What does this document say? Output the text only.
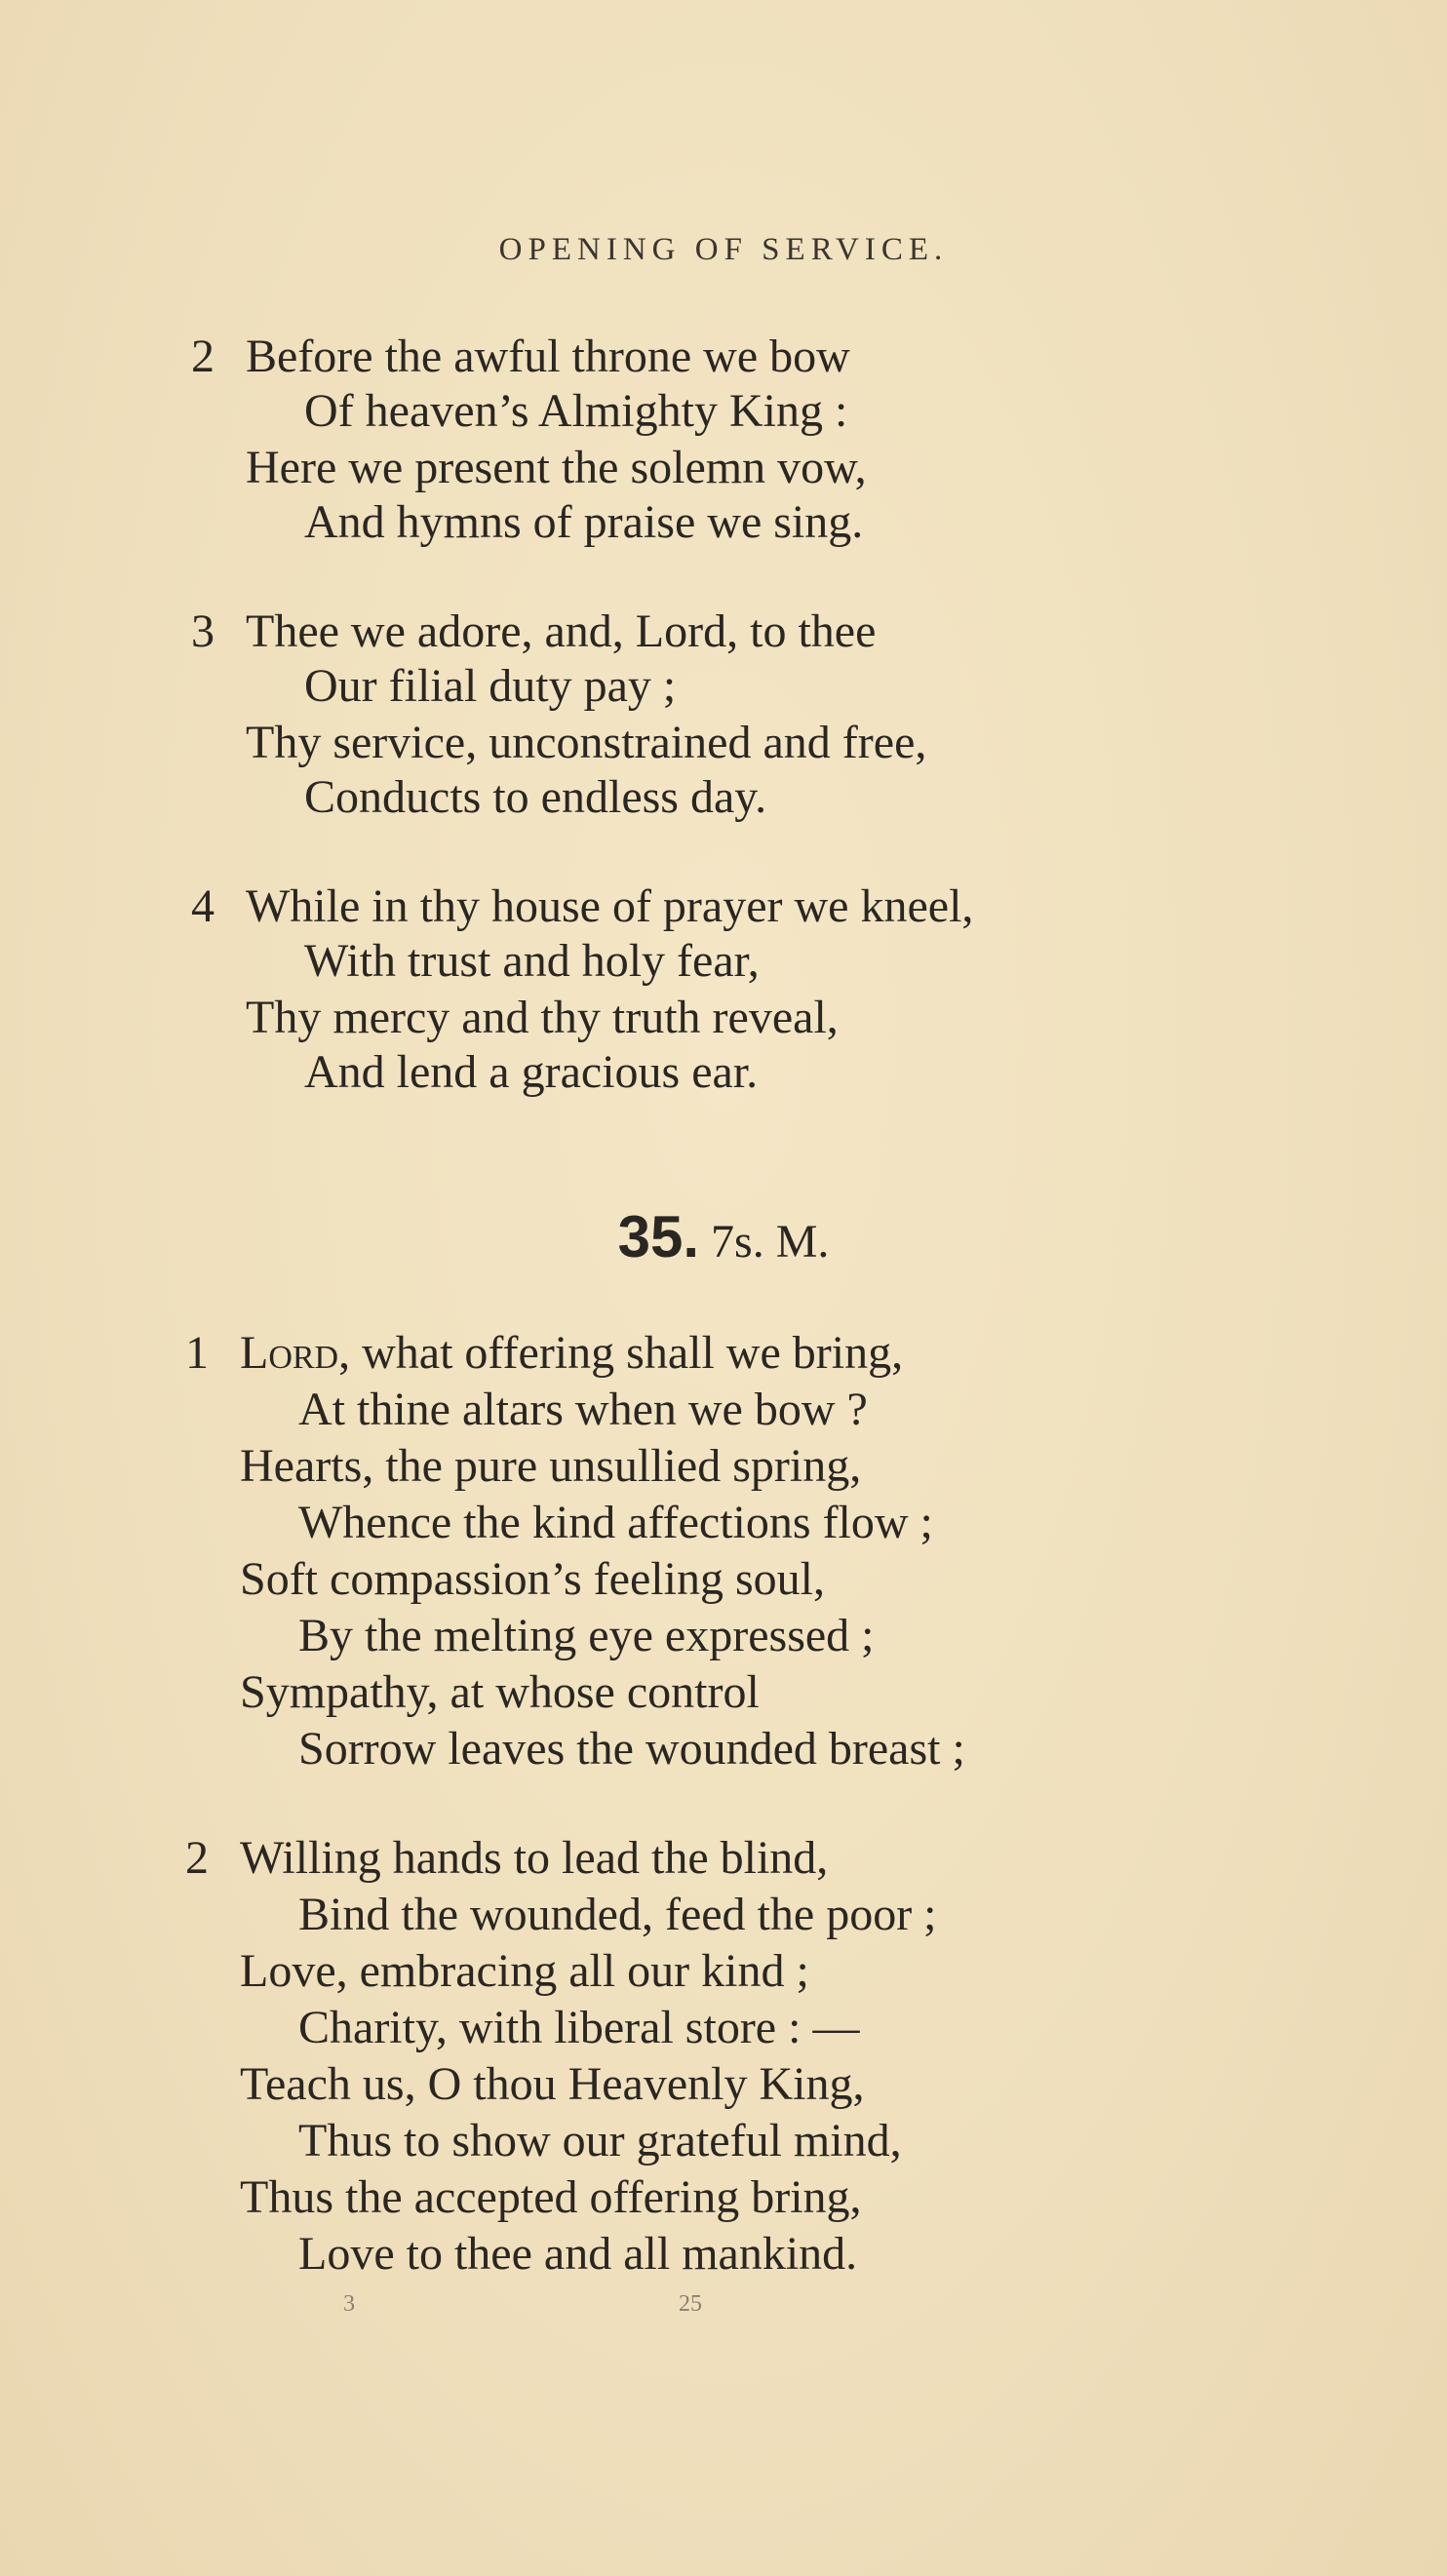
OPENING OF SERVICE.
2 Before the awful throne we bow
Of heaven’s Almighty King :
Here we present the solemn vow,
And hymns of praise we sing.
3 Thee we adore, and, Lord, to thee
Our filial duty pay ;
Thy service, unconstrained and free,
Conducts to endless day.
4 While in thy house of prayer we kneel,
With trust and holy fear,
Thy mercy and thy truth reveal,
And lend a gracious ear.
35. 7s. M.
1 Lord, what offering shall we bring,
At thine altars when we bow ?
Hearts, the pure unsullied spring,
Whence the kind affections flow ;
Soft compassion’s feeling soul,
By the melting eye expressed ;
Sympathy, at whose control
Sorrow leaves the wounded breast ;
2 Willing hands to lead the blind,
Bind the wounded, feed the poor ;
Love, embracing all our kind ;
Charity, with liberal store : —
Teach us, O thou Heavenly King,
Thus to show our grateful mind,
Thus the accepted offering bring,
Love to thee and all mankind.
3	25
